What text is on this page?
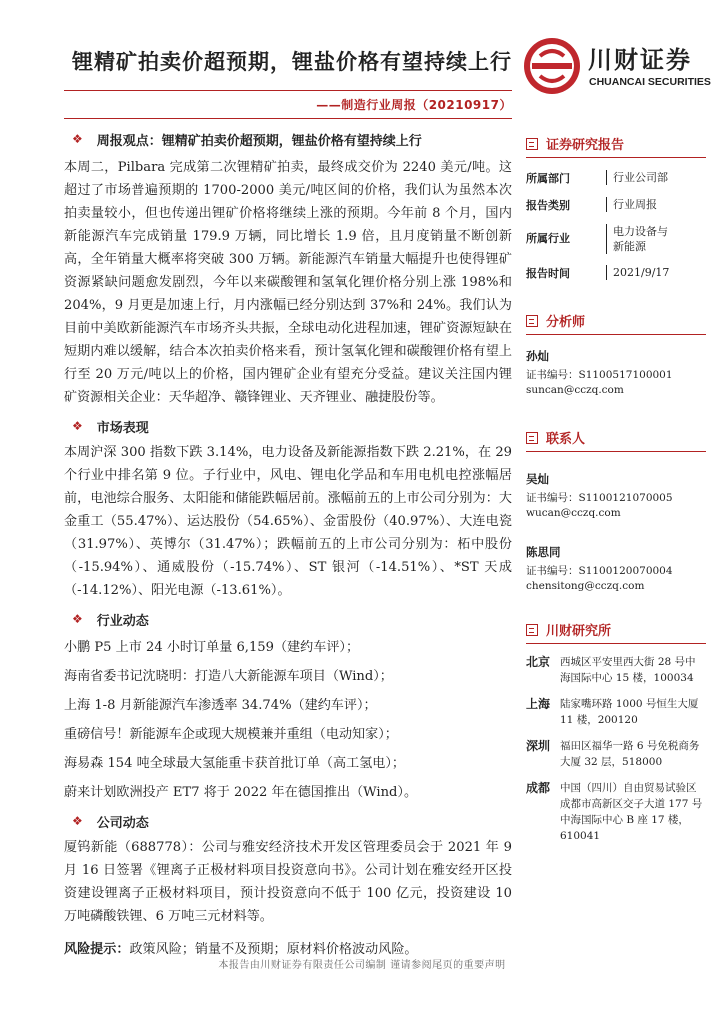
锂精矿拍卖价超预期，锂盐价格有望持续上行
——制造行业周报（20210917）
川财证券
CHUANCAI SECURITIES
❖ 周报观点：锂精矿拍卖价超预期，锂盐价格有望持续上行
本周二，Pilbara 完成第二次锂精矿拍卖，最终成交价为 2240 美元/吨。这超过了市场普遍预期的 1700-2000 美元/吨区间的价格，我们认为虽然本次拍卖量较小，但也传递出锂矿价格将继续上涨的预期。今年前 8 个月，国内新能源汽车完成销量 179.9 万辆，同比增长 1.9 倍，且月度销量不断创新高，全年销量大概率将突破 300 万辆。新能源汽车销量大幅提升也使得锂矿资源紧缺问题愈发剧烈，今年以来碳酸锂和氢氧化锂价格分别上涨 198%和 204%，9 月更是加速上行，月内涨幅已经分别达到 37%和 24%。我们认为目前中美欧新能源汽车市场齐头共振，全球电动化进程加速，锂矿资源短缺在短期内难以缓解，结合本次拍卖价格来看，预计氢氧化锂和碳酸锂价格有望上行至 20 万元/吨以上的价格，国内锂矿企业有望充分受益。建议关注国内锂矿资源相关企业：天华超净、赣锋锂业、天齐锂业、融捷股份等。
❖ 市场表现
本周沪深 300 指数下跌 3.14%，电力设备及新能源指数下跌 2.21%，在 29 个行业中排名第 9 位。子行业中，风电、锂电化学品和车用电机电控涨幅居前，电池综合服务、太阳能和储能跌幅居前。涨幅前五的上市公司分别为：大金重工（55.47%）、运达股份（54.65%）、金雷股份（40.97%）、大连电瓷（31.97%）、英博尔（31.47%）；跌幅前五的上市公司分别为：柘中股份（-15.94%）、通威股份（-15.74%）、ST 银河（-14.51%）、*ST 天成（-14.12%）、阳光电源（-13.61%）。
❖ 行业动态
小鹏 P5 上市 24 小时订单量 6,159（建约车评）；
海南省委书记沈晓明：打造八大新能源车项目（Wind）；
上海 1-8 月新能源汽车渗透率 34.74%（建约车评）；
重磅信号！新能源车企或现大规模兼并重组（电动知家）；
海易森 154 吨全球最大氢能重卡获首批订单（高工氢电）；
蔚来计划欧洲投产 ET7 将于 2022 年在德国推出（Wind）。
❖ 公司动态
厦钨新能（688778）：公司与雅安经济技术开发区管理委员会于 2021 年 9 月 16 日签署《锂离子正极材料项目投资意向书》。公司计划在雅安经开区投资建设锂离子正极材料项目，预计投资意向不低于 100 亿元，投资建设 10 万吨磷酸铁锂、6 万吨三元材料等。
风险提示：政策风险；销量不及预期；原材料价格波动风险。
证券研究报告
所属部门	行业公司部
报告类别	行业周报
所属行业
电力设备与新能源
报告时间	2021/9/17
分析师
孙灿
证书编号：S1100517100001
suncan@cczq.com
联系人
吴灿
证书编号：S1100121070005
wucan@cczq.com
陈思同
证书编号：S1100120070004
chensitong@cczq.com
川财研究所
北京 西城区平安里西大街 28 号中海国际中心 15 楼，100034
上海 陆家嘴环路 1000 号恒生大厦 11 楼，200120
深圳 福田区福华一路 6 号免税商务大厦 32 层，518000
成都 中国（四川）自由贸易试验区成都市高新区交子大道 177 号中海国际中心 B 座 17 楼，610041
本报告由川财证券有限责任公司编制 谨请参阅尾页的重要声明
